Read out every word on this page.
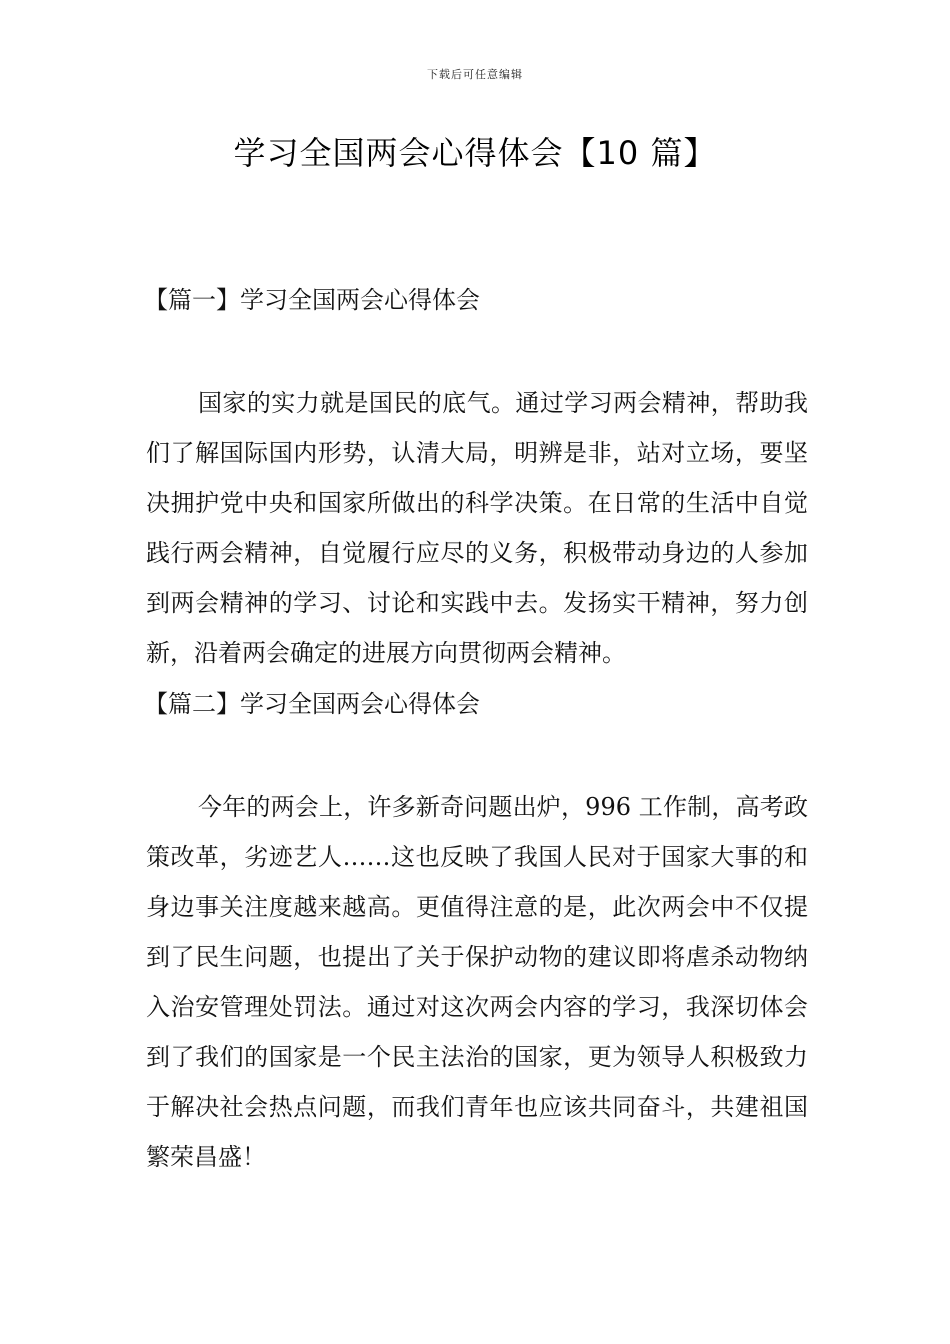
下载后可任意编辑
学习全国两会心得体会【10 篇】
【篇一】学习全国两会心得体会

国家的实力就是国民的底气。通过学习两会精神，帮助我们了解国际国内形势，认清大局，明辨是非，站对立场，要坚决拥护党中央和国家所做出的科学决策。在日常的生活中自觉践行两会精神，自觉履行应尽的义务，积极带动身边的人参加到两会精神的学习、讨论和实践中去。发扬实干精神，努力创新，沿着两会确定的进展方向贯彻两会精神。

【篇二】学习全国两会心得体会

今年的两会上，许多新奇问题出炉，996 工作制，高考政策改革，劣迹艺人……这也反映了我国人民对于国家大事的和身边事关注度越来越高。更值得注意的是，此次两会中不仅提到了民生问题，也提出了关于保护动物的建议即将虐杀动物纳入治安管理处罚法。通过对这次两会内容的学习，我深切体会到了我们的国家是一个民主法治的国家，更为领导人积极致力于解决社会热点问题，而我们青年也应该共同奋斗，共建祖国繁荣昌盛！
